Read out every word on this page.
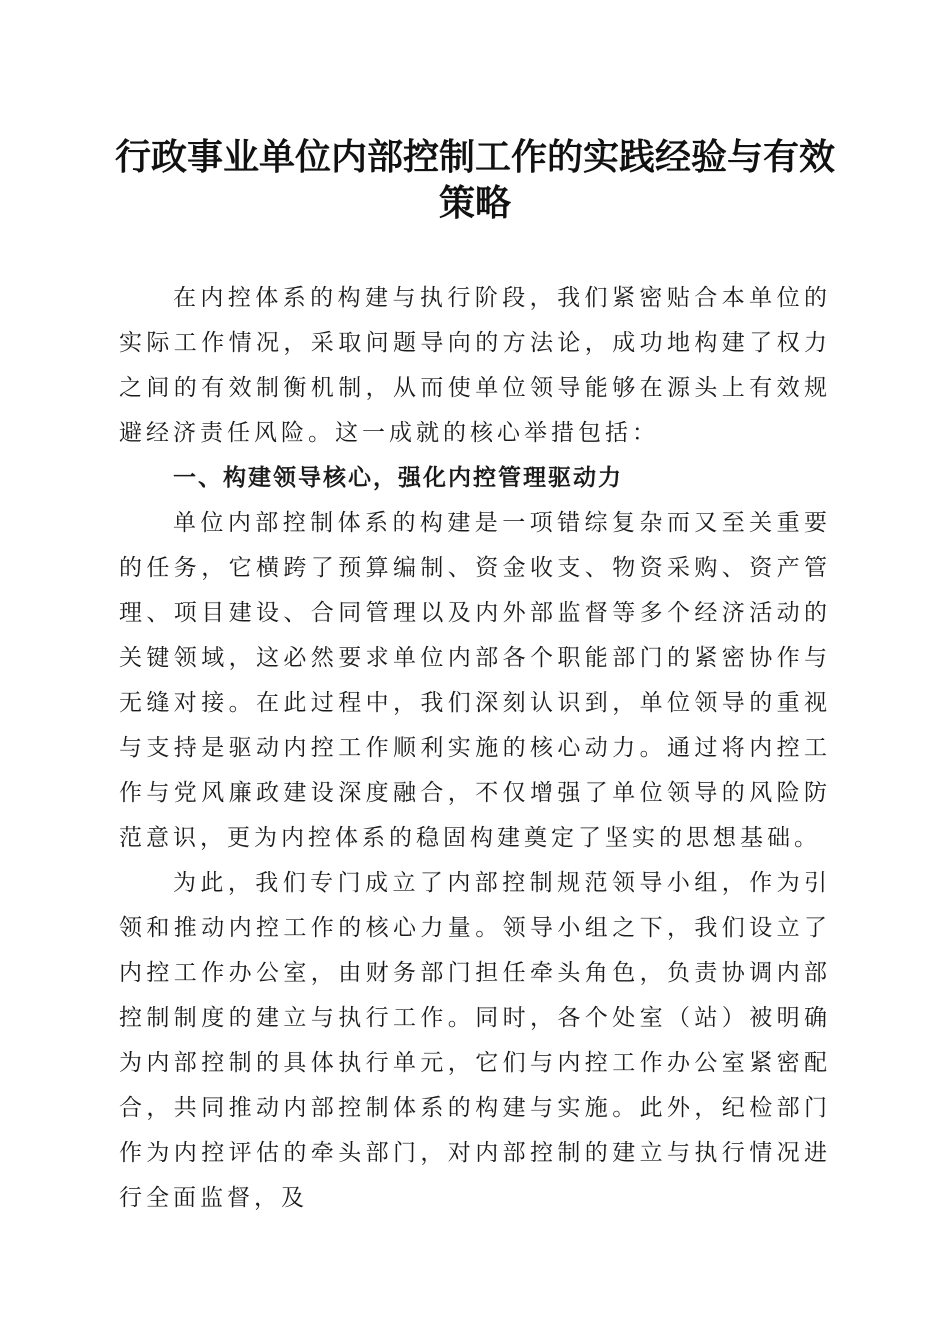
行政事业单位内部控制工作的实践经验与有效策略

在内控体系的构建与执行阶段，我们紧密贴合本单位的实际工作情况，采取问题导向的方法论，成功地构建了权力之间的有效制衡机制，从而使单位领导能够在源头上有效规避经济责任风险。这一成就的核心举措包括：

一、构建领导核心，强化内控管理驱动力

单位内部控制体系的构建是一项错综复杂而又至关重要的任务，它横跨了预算编制、资金收支、物资采购、资产管理、项目建设、合同管理以及内外部监督等多个经济活动的关键领域，这必然要求单位内部各个职能部门的紧密协作与无缝对接。在此过程中，我们深刻认识到，单位领导的重视与支持是驱动内控工作顺利实施的核心动力。通过将内控工作与党风廉政建设深度融合，不仅增强了单位领导的风险防范意识，更为内控体系的稳固构建奠定了坚实的思想基础。

为此，我们专门成立了内部控制规范领导小组，作为引领和推动内控工作的核心力量。领导小组之下，我们设立了内控工作办公室，由财务部门担任牵头角色，负责协调内部控制制度的建立与执行工作。同时，各个处室（站）被明确为内部控制的具体执行单元，它们与内控工作办公室紧密配合，共同推动内部控制体系的构建与实施。此外，纪检部门作为内控评估的牵头部门，对内部控制的建立与执行情况进行全面监督，及
